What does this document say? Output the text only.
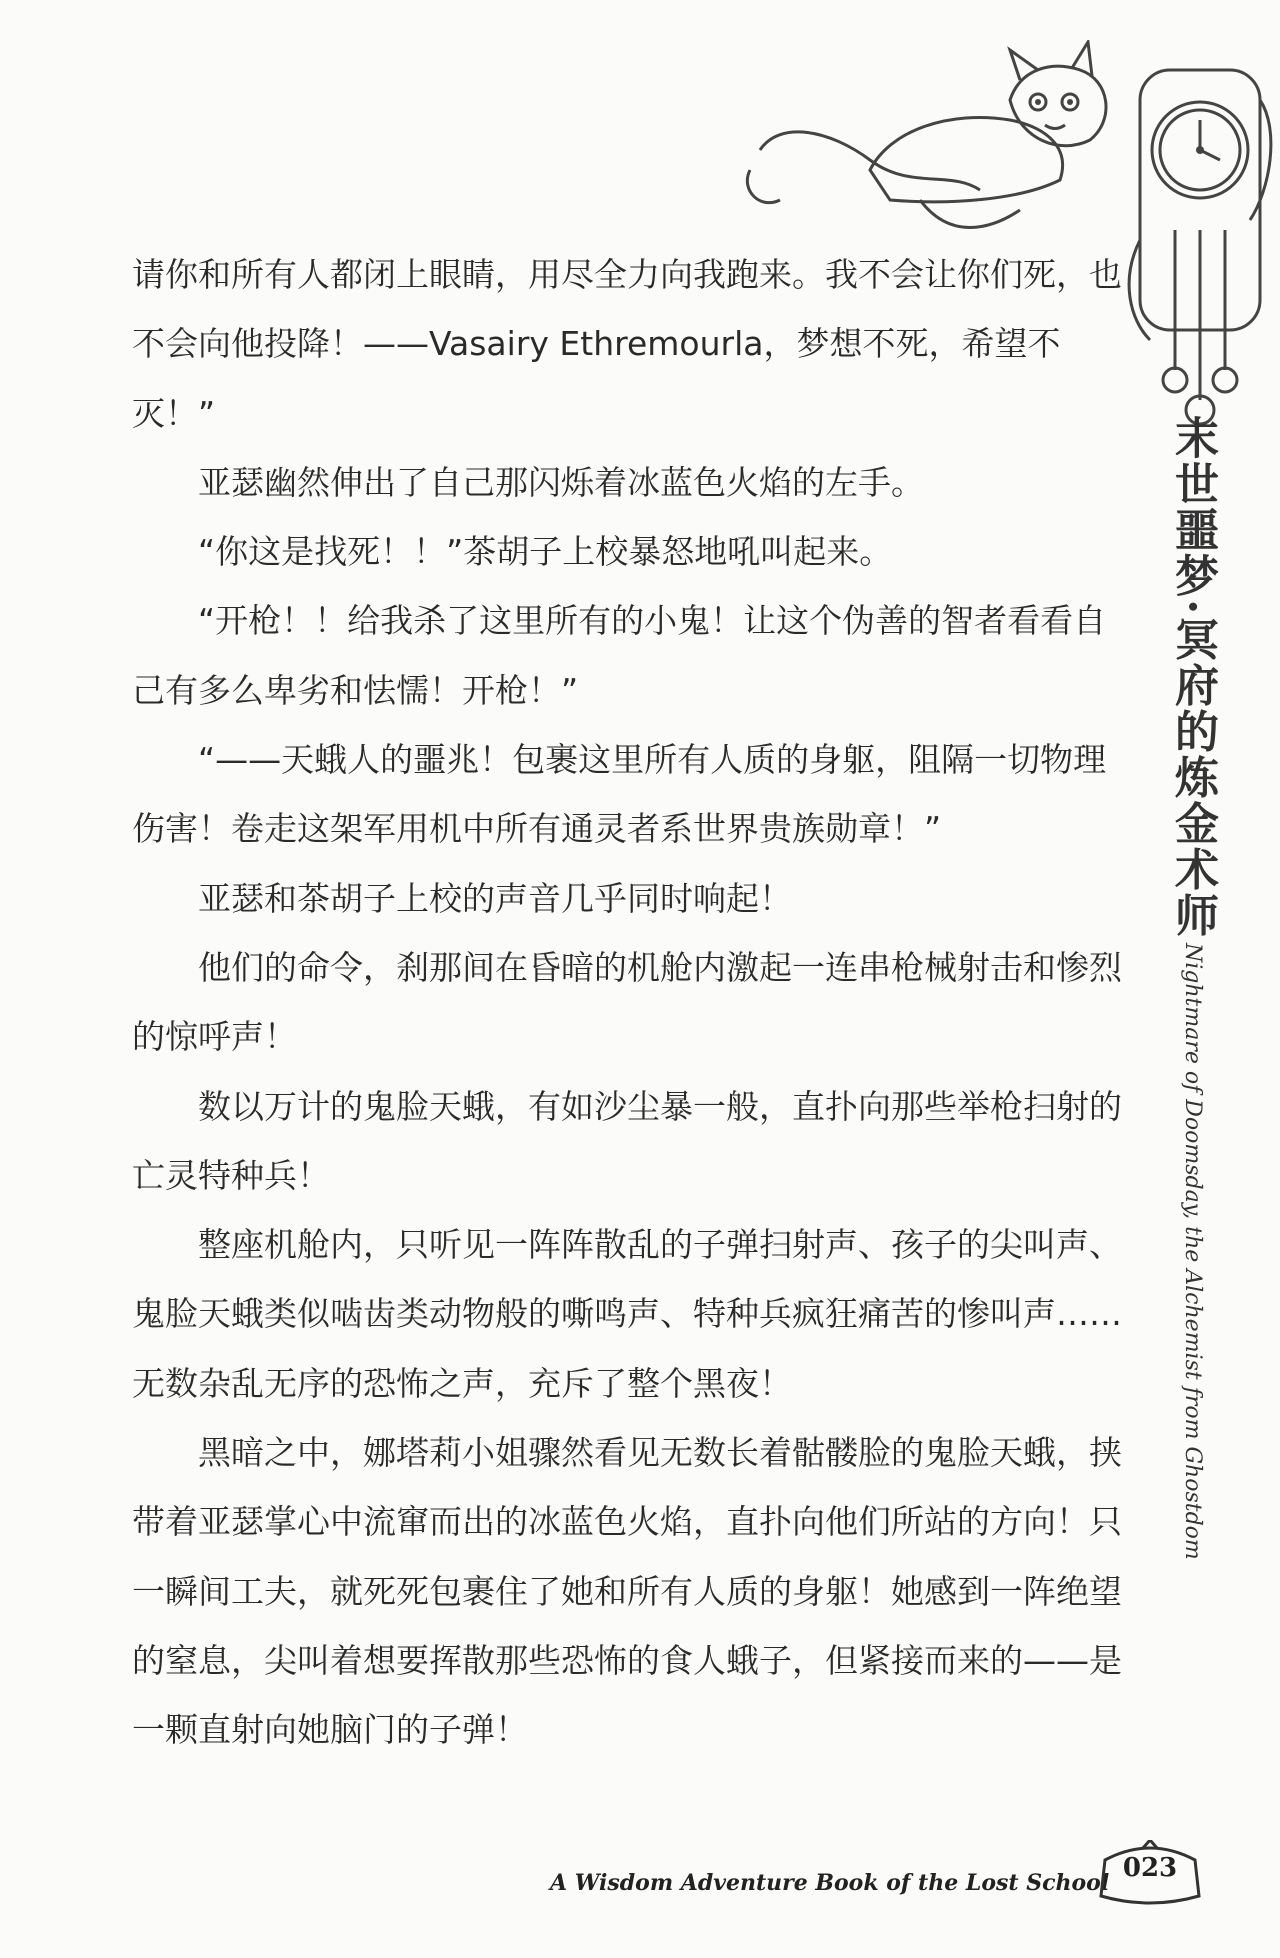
末世噩梦·冥府的炼金术师 Nightmare of Doomsday, the Alchemist from Ghostdom

请你和所有人都闭上眼睛，用尽全力向我跑来。我不会让你们死，也不会向他投降！——Vasairy Ethremourla，梦想不死，希望不灭！”

亚瑟幽然伸出了自己那闪烁着冰蓝色火焰的左手。

“你这是找死！！”茶胡子上校暴怒地吼叫起来。

“开枪！！给我杀了这里所有的小鬼！让这个伪善的智者看看自己有多么卑劣和怯懦！开枪！”

“——天蛾人的噩兆！包裹这里所有人质的身躯，阻隔一切物理伤害！卷走这架军用机中所有通灵者系世界贵族勋章！”

亚瑟和茶胡子上校的声音几乎同时响起！

他们的命令，刹那间在昏暗的机舱内激起一连串枪械射击和惨烈的惊呼声！

数以万计的鬼脸天蛾，有如沙尘暴一般，直扑向那些举枪扫射的亡灵特种兵！

整座机舱内，只听见一阵阵散乱的子弹扫射声、孩子的尖叫声、鬼脸天蛾类似啮齿类动物般的嘶鸣声、特种兵疯狂痛苦的惨叫声……无数杂乱无序的恐怖之声，充斥了整个黑夜！

黑暗之中，娜塔莉小姐骤然看见无数长着骷髅脸的鬼脸天蛾，挟带着亚瑟掌心中流窜而出的冰蓝色火焰，直扑向他们所站的方向！只一瞬间工夫，就死死包裹住了她和所有人质的身躯！她感到一阵绝望的窒息，尖叫着想要挥散那些恐怖的食人蛾子，但紧接而来的——是一颗直射向她脑门的子弹！

A Wisdom Adventure Book of the Lost School 023
